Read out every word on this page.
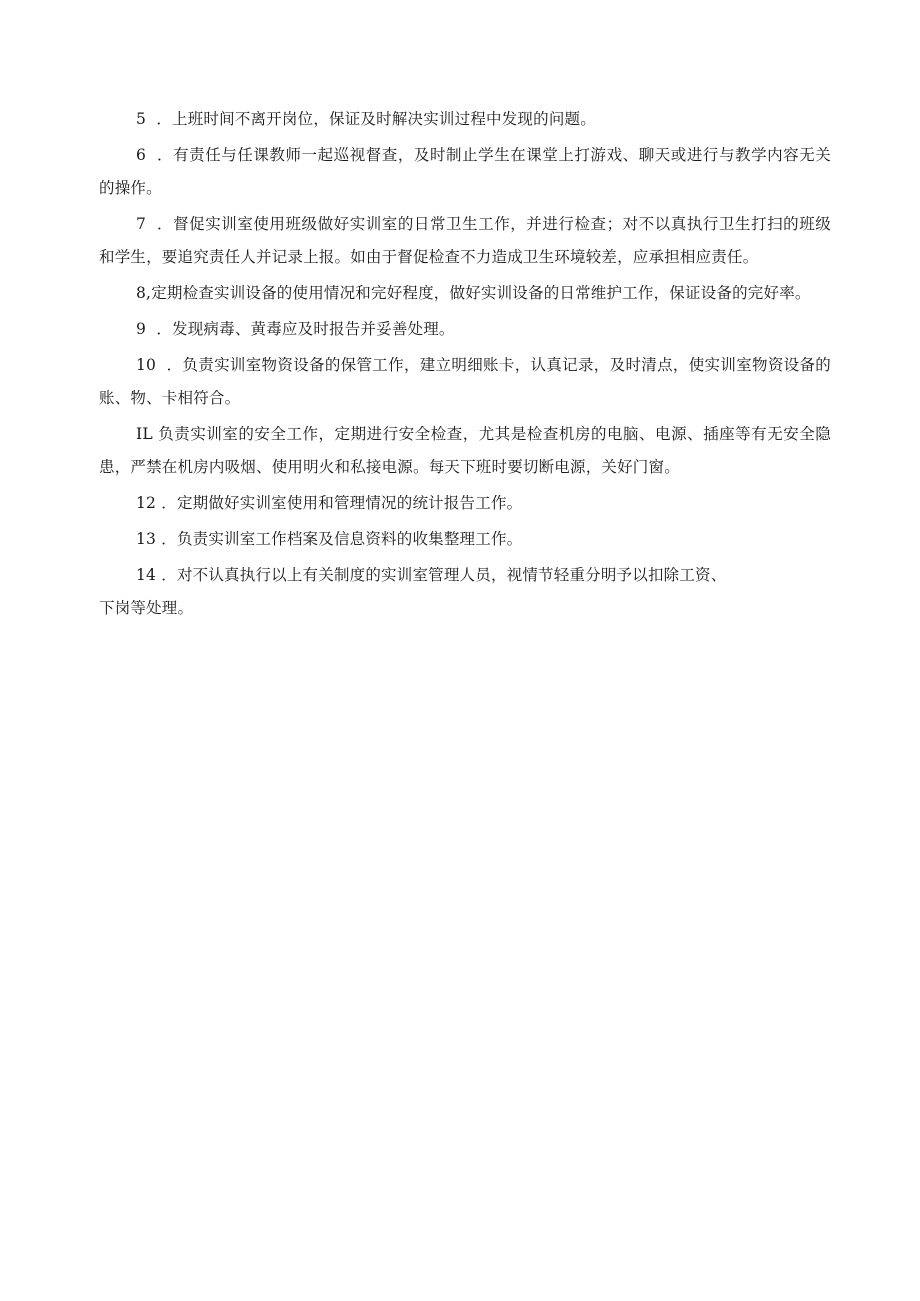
5  ．上班时间不离开岗位，保证及时解决实训过程中发现的问题。

6  ．有责任与任课教师一起巡视督查，及时制止学生在课堂上打游戏、聊天或进行与教学内容无关的操作。

7  ．督促实训室使用班级做好实训室的日常卫生工作，并进行检查；对不以真执行卫生打扫的班级和学生，要追究责任人并记录上报。如由于督促检查不力造成卫生环境较差，应承担相应责任。

8,定期检查实训设备的使用情况和完好程度，做好实训设备的日常维护工作，保证设备的完好率。

9  ．发现病毒、黄毒应及时报告并妥善处理。

10  ．负责实训室物资设备的保管工作，建立明细账卡，认真记录，及时清点，使实训室物资设备的账、物、卡相符合。

IL 负责实训室的安全工作，定期进行安全检查，尤其是检查机房的电脑、电源、插座等有无安全隐患，严禁在机房内吸烟、使用明火和私接电源。每天下班时要切断电源，关好门窗。

12 ．定期做好实训室使用和管理情况的统计报告工作。

13 ．负责实训室工作档案及信息资料的收集整理工作。

14 ．对不认真执行以上有关制度的实训室管理人员，视情节轻重分明予以扣除工资、
下岗等处理。
